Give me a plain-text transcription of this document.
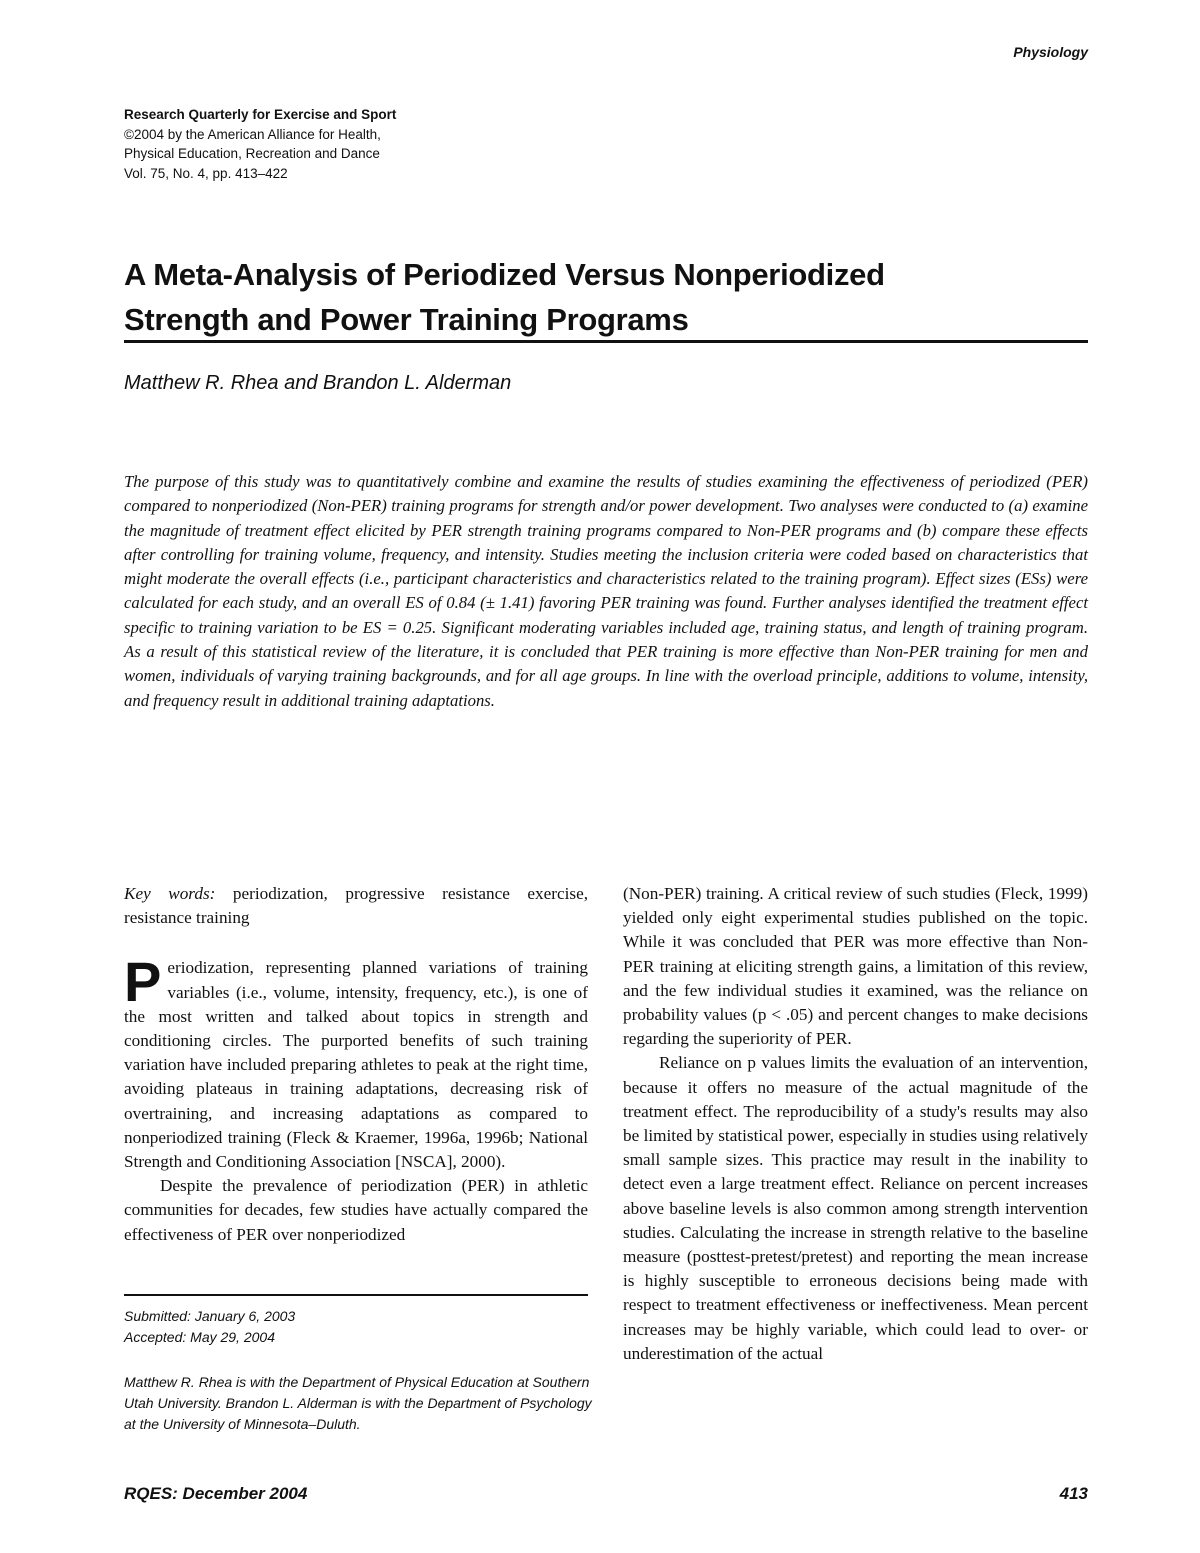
Physiology
Research Quarterly for Exercise and Sport
©2004 by the American Alliance for Health,
Physical Education, Recreation and Dance
Vol. 75, No. 4, pp. 413–422
A Meta-Analysis of Periodized Versus Nonperiodized
Strength and Power Training Programs
Matthew R. Rhea and Brandon L. Alderman

The purpose of this study was to quantitatively combine and examine the results of studies examining the effectiveness of periodized (PER) compared to nonperiodized (Non-PER) training programs for strength and/or power development. Two analyses were conducted to (a) examine the magnitude of treatment effect elicited by PER strength training programs compared to Non-PER programs and (b) compare these effects after controlling for training volume, frequency, and intensity. Studies meeting the inclusion criteria were coded based on characteristics that might moderate the overall effects (i.e., participant characteristics and characteristics related to the training program). Effect sizes (ESs) were calculated for each study, and an overall ES of 0.84 (± 1.41) favoring PER training was found. Further analyses identified the treatment effect specific to training variation to be ES = 0.25. Significant moderating variables included age, training status, and length of training program. As a result of this statistical review of the literature, it is concluded that PER training is more effective than Non-PER training for men and women, individuals of varying training backgrounds, and for all age groups. In line with the overload principle, additions to volume, intensity, and frequency result in additional training adaptations.

Key words: periodization, progressive resistance exercise, resistance training

Periodization, representing planned variations of training variables (i.e., volume, intensity, frequency, etc.), is one of the most written and talked about topics in strength and conditioning circles. The purported benefits of such training variation have included preparing athletes to peak at the right time, avoiding plateaus in training adaptations, decreasing risk of overtraining, and increasing adaptations as compared to nonperiodized training (Fleck & Kraemer, 1996a, 1996b; National Strength and Conditioning Association [NSCA], 2000).

Despite the prevalence of periodization (PER) in athletic communities for decades, few studies have actually compared the effectiveness of PER over nonperiodized

Submitted: January 6, 2003
Accepted: May 29, 2004
Matthew R. Rhea is with the Department of Physical Education at Southern Utah University. Brandon L. Alderman is with the Department of Psychology at the University of Minnesota–Duluth.

(Non-PER) training. A critical review of such studies (Fleck, 1999) yielded only eight experimental studies published on the topic. While it was concluded that PER was more effective than Non-PER training at eliciting strength gains, a limitation of this review, and the few individual studies it examined, was the reliance on probability values (p < .05) and percent changes to make decisions regarding the superiority of PER.

Reliance on p values limits the evaluation of an intervention, because it offers no measure of the actual magnitude of the treatment effect. The reproducibility of a study's results may also be limited by statistical power, especially in studies using relatively small sample sizes. This practice may result in the inability to detect even a large treatment effect. Reliance on percent increases above baseline levels is also common among strength intervention studies. Calculating the increase in strength relative to the baseline measure (posttest-pretest/pretest) and reporting the mean increase is highly susceptible to erroneous decisions being made with respect to treatment effectiveness or ineffectiveness. Mean percent increases may be highly variable, which could lead to over- or underestimation of the actual

RQES: December 2004	413
